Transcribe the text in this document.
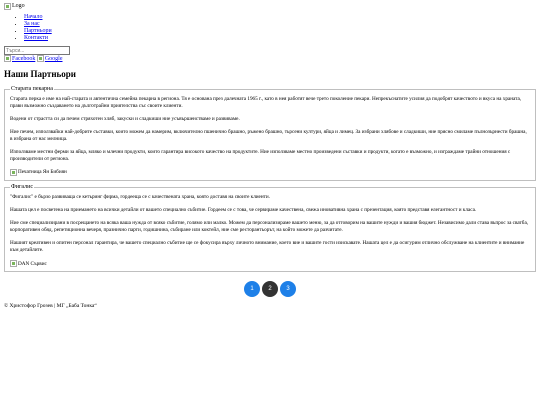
Logo
• Начало
• За нас
• Партньори
• Контакти
Търси...
Facebook Google
Наши Партньори
Старата пекарна

Старата перка е име на най-старата и автентична семейна пекарна в региона. Тя е основана през далечната 1965 г., като в нея работят вече трето поколение пекари. Непрекъснатите усилия да подобрят качеството и вкуса на храната, прави възможно създаването на дълготрайни приятелства със своите клиенти.

Водени от страстта си да печем стряхотен хляб, закуски и сладкиши ние усъвършенстваме и развиваме.

Ние печем, използвайки най-добрите съставки, които можем да намерим, включително пшенично брашно, ръжено брашно, тьрсени култури, яйца и лимец. За избрани хлябове и сладкиши, ние прясно смиламе пълнозърнести брашна, в избрана от нас мелница.

Използваме местни ферми за яйца, мляко и млечни продукти, които гарантира високото качество на продуктите. Ние използваме местно произведени съставки и продукти, когато е възможно, и изграждаме трайни отношения с производители от региона.

Печатница Ян Бибиян
Фигалис

"Фигалис" е бързо развиваща се кетъринг фирма, гордееща се с качествената храна, която доставя на своите клиенти.

Нашата цел е посветена на приемането на всички детайли от вашето специално събитие. Гордеем се с това, че сервираме качествена, свежа иновативна храна с презентация, която представя елегантност и класа.

Ние сме специализирани в посрещането на всяка ваша нужда от всяко събитие, голямо или малко. Можем да персонализираме вашето меню, за да отговорим на вашите нужди и вашия бюджет. Независимо дали става въпрос за сватба, корпоративен обяд, репетиционна вечеря, празнично парти, годишнина, събиране или коктейл, ние сме ресторантьорът, на който можете да разчитате.

Нашият креативен и опитен персонал гарантира, че вашето специално събитие ще се фокусира върху личното внимание, което вие и вашите гости изискавате. Нашата цел е да осигурим отличнo обслужване на клиентите и внимание към детайлите.

DAN Сървис
1	2	3
© Христофор Грозев | МГ „Баба Тонка“
